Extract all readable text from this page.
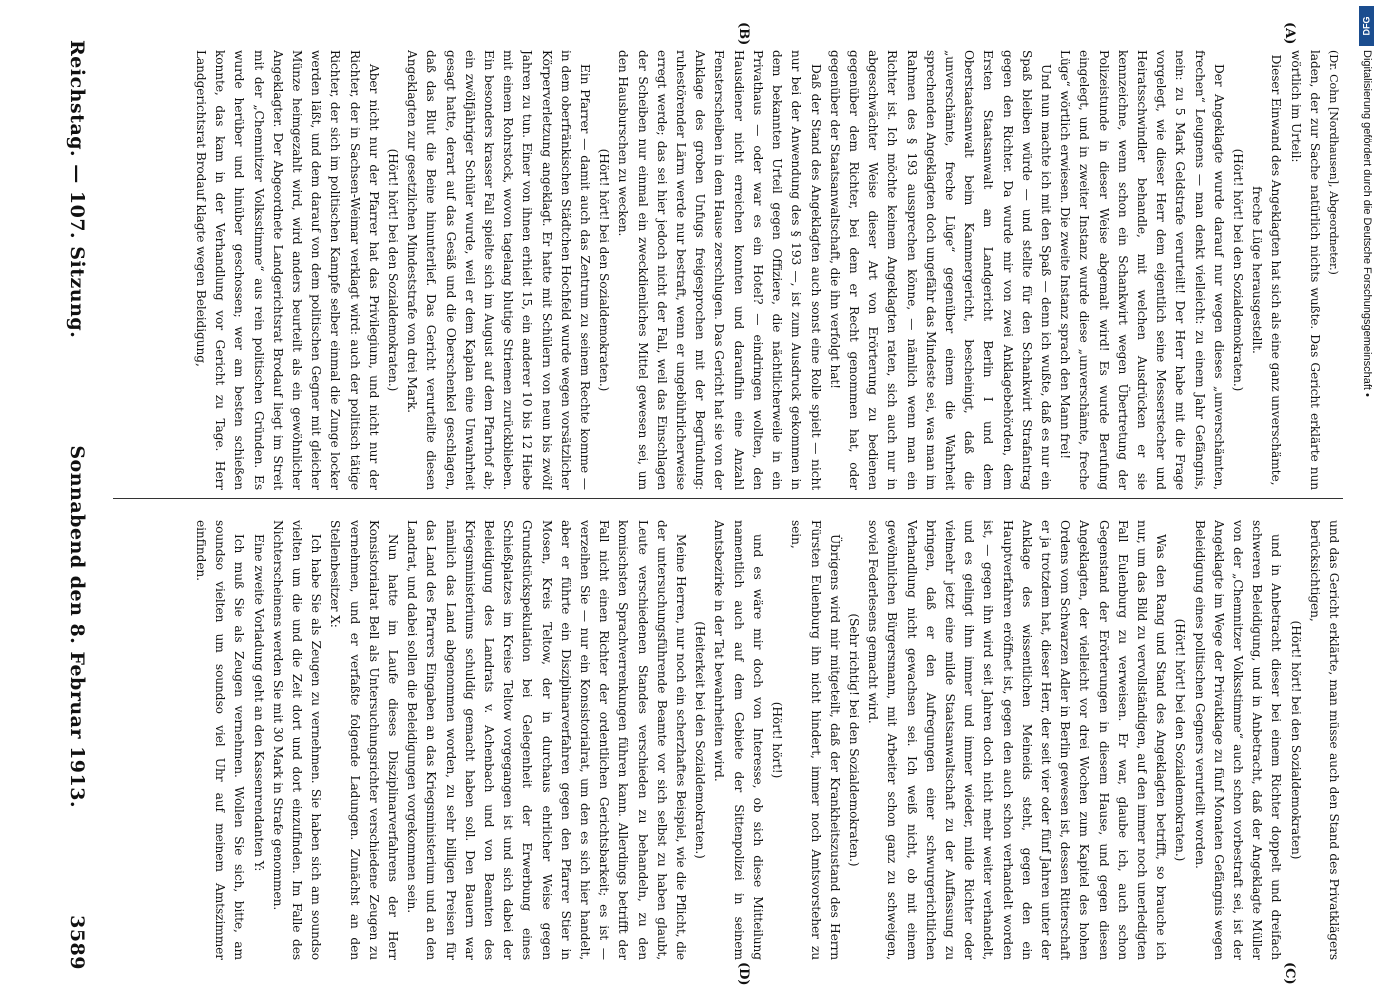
Reichstag. — 107. Sitzung.
Sonnabend den 8. Februar 1913.
3589
(A)
(B)
(C)
(D)

(Dr. Cohn [Nordhausen], Abgeordneter.)

laden, der zur Sache natürlich nichts wußte. Das Gericht erklärte nun wörtlich im Urteil:

Dieser Einwand des Angeklagten hat sich als eine ganz unverschämte, freche Lüge herausgestellt.

(Hört! hört! bei den Sozialdemokraten.)

Der Angeklagte wurde darauf nur wegen dieses „unverschämten, frechen“ Leugnens — man denkt vielleicht: zu einem Jahr Gefängnis, nein: zu 5 Mark Geldstrafe verurteilt! Der Herr habe mit die Frage vorgelegt, wie dieser Herr dem eigentlich seine Messerstecher und Heiratsschwindler behandle, mit welchen Ausdrücken er sie kennzeichne, wenn schon ein Schankwirt wegen Übertretung der Polizeistunde in dieser Weise abgemalt wird! Es wurde Berufung eingelegt, und in zweiter Instanz wurde diese „unverschämte, freche Lüge“ wörtlich erwiesen. Die zweite Instanz sprach den Mann frei!

Und nun machte ich mit den Spaß — denn ich wußte, daß es nur ein Spaß bleiben würde — und stellte für den Schankwirt Strafantrag gegen den Richter. Da wurde mir von zwei Anklagebehörden, dem Ersten Staatsanwalt am Landgericht Berlin I und dem Oberstaatsanwalt beim Kammergericht, bescheinigt, daß die „unverschämte, freche Lüge“ gegenüber einem die Wahrheit sprechenden Angeklagten doch ungefähr das Mindeste sei, was man im Rahmen des § 193 aussprechen könne, — nämlich wenn man ein Richter ist. Ich möchte keinem Angeklagten raten, sich auch nur in abgeschwächter Weise dieser Art von Erörterung zu bedienen gegenüber dem Richter, bei dem er Recht genommen hat, oder gegenüber der Staatsanwaltschaft, die ihn verfolgt hat!

Daß der Stand des Angeklagten auch sonst eine Rolle spielt — nicht nur bei der Anwendung des § 193 —, ist zum Ausdruck gekommen in dem bekannten Urteil gegen Offiziere, die nächtlicherweile in ein Privathaus — oder war es ein Hotel? — eindringen wollten, den Hausdiener nicht erreichen konnten und daraufhin eine Anzahl Fensterscheiben in dem Hause zerschlugen. Das Gericht hat sie von der Anklage des groben Unfugs freigesprochen mit der Begründung: ruhestörender Lärm werde nur bestraft, wenn er ungebührlicherweise erregt werde; das sei hier jedoch nicht der Fall, weil das Einschlagen der Scheiben nur einmal ein zweckdienliches Mittel gewesen sei, um den Hausburschen zu wecken.

(Hört! hört! bei den Sozialdemokraten.)

Ein Pfarrer — damit auch das Zentrum zu seinem Rechte komme — in dem oberfränkischen Städtchen Hochfeld wurde wegen vorsätzlicher Körperverletzung angeklagt. Er hatte mit Schülern von neun bis zwölf Jahren zu tun. Einer von ihnen erhielt 15, ein anderer 10 bis 12 Hiebe mit einem Rohrstock, wovon tagelang blutige Striemen zurückblieben. Ein besonders krasser Fall spielte sich im August auf dem Pfarrhof ab; ein zwölfjähriger Schüler wurde, weil er dem Kaplan eine Unwahrheit gesagt hatte, derart auf das Gesäß und die Oberschenkel geschlagen, daß das Blut die Beine hinunterlief. Das Gericht verurteilte diesen Angeklagten zur gesetzlichen Mindeststrafe von drei Mark.

(Hört! hört! bei den Sozialdemokraten.)

Aber nicht nur der Pfarrer hat das Privilegium, und nicht nur der Richter, der in Sachsen-Weimar verklagt wird: auch der politisch tätige Richter, der sich im politischen Kampfe selber einmal die Zunge locker werden läßt, und dem darauf von dem politischen Gegner mit gleicher Münze heimgezahlt wird, wird anders beurteilt als ein gewöhnlicher Angeklagter. Der Abgeordnete Landgerichtsrat Brodauf liegt im Streit mit der „Chemnitzer Volksstimme“ aus rein politischen Gründen. Es wurde herüber und hinüber geschossen; wer am besten schießen konnte, das kam in der Verhandlung vor Gericht zu Tage. Herr Landgerichtsrat Brodauf klagte wegen Beleidigung,

und das Gericht erklärte, man müsse auch den Stand des Privatklägers berücksichtigen,

(Hört! hört! bei den Sozialdemokraten)

und in Anbetracht dieser bei einem Richter doppelt und dreifach schweren Beleidigung, und in Anbetracht, daß der Angeklagte Müller von der „Chemnitzer Volksstimme“ auch schon vorbestraft sei, ist der Angeklagte im Wege der Privatklage zu fünf Monaten Gefängnis wegen Beleidigung eines politischen Gegners verurteilt worden.

(Hört! hört! bei den Sozialdemokraten.)

Was den Rang und Stand des Angeklagten betrifft, so brauche ich nur, um das Bild zu vervollständigen, auf den immer noch unerledigten Fall Eulenburg zu verweisen. Er war, glaube ich, auch schon Gegenstand der Erörterungen in diesem Hause, und gegen diesen Angeklagten, der vielleicht vor drei Wochen zum Kapitel des hohen Ordens vom Schwarzen Adler in Berlin gewesen ist, dessen Ritterschaft er ja trotzdem hat, dieser Herr, der seit vier oder fünf Jahren unter der Anklage des wissentlichen Meineids steht, gegen den ein Hauptverfahren eröffnet ist, gegen den auch schon verhandelt worden ist, — gegen ihn wird seit Jahren doch nicht mehr weiter verhandelt, und es gelingt ihm immer und immer wieder, milde Richter oder vielmehr jetzt eine milde Staatsanwaltschaft zu der Auffassung zu bringen, daß er den Aufregungen einer schwurgerichtlichen Verhandlung nicht gewachsen sei. Ich weiß nicht, ob mit einem gewöhnlichen Bürgersmann, mit Arbeiter schon ganz zu schweigen, soviel Federlesens gemacht wird.

(Sehr richtig! bei den Sozialdemokraten.)

Übrigens wird mir mitgeteilt, daß der Krankheitszustand des Herrn Fürsten Eulenburg ihn nicht hindert, immer noch Amtsvorsteher zu sein,

(Hört! hört!)

und es wäre mir doch von Interesse, ob sich diese Mitteilung namentlich auch auf dem Gebiete der Sittenpolizei in seinem Amtsbezirke in der Tat bewahrheiten wird.

(Heiterkeit bei den Sozialdemokraten.)

Meine Herren, nur noch ein scherzhaftes Beispiel, wie die Pflicht, die der untersuchungsführende Beamte vor sich selbst zu haben glaubt, Leute verschiedenen Standes verschieden zu behandeln, zu den komischsten Sprachverrenkungen führen kann. Allerdings betrifft der Fall nicht einen Richter der ordentlichen Gerichtsbarkeit; es ist — verzeihen Sie — nur ein Konsistorialrat, um den es sich hier handelt, aber er führte ein Disziplinarverfahren gegen den Pfarrer Stier in Mosen, Kreis Teltow, der in durchaus ehrlicher Weise gegen Grundstückspekulation bei Gelegenheit der Erwerbung eines Schießplatzes im Kreise Teltow vorgegangen ist und sich dabei der Beleidigung des Landrats v. Achenbach und von Beamten des Kriegsministeriums schuldig gemacht haben soll. Den Bauern war nämlich das Land abgenommen worden, zu sehr billigen Preisen für das Land des Pfarrers Eingaben an das Kriegsministerium und an den Landrat, und dabei sollen die Beleidigungen vorgekommen sein.

Nun hatte im Laufe dieses Disziplinarverfahrens der Herr Konsistorialrat Bell als Untersuchungsrichter verschiedene Zeugen zu vernehmen, und er verfaßte folgende Ladungen. Zunächst an den Stellenbesitzer X:

Ich habe Sie als Zeugen zu vernehmen. Sie haben sich am soundso vielten um die und die Zeit dort und dort einzufinden. Im Falle des Nichterscheinens werden Sie mit 30 Mark in Strafe genommen.

Eine zweite Vorladung geht an den Kassenrendanten Y:

Ich muß Sie als Zeugen vernehmen. Wollen Sie sich, bitte, am soundso vielten um soundso viel Uhr auf meinem Amtszimmer einfinden.

DFG
Digitalisierung gefördert durch die Deutsche Forschungsgemeinschaft •
